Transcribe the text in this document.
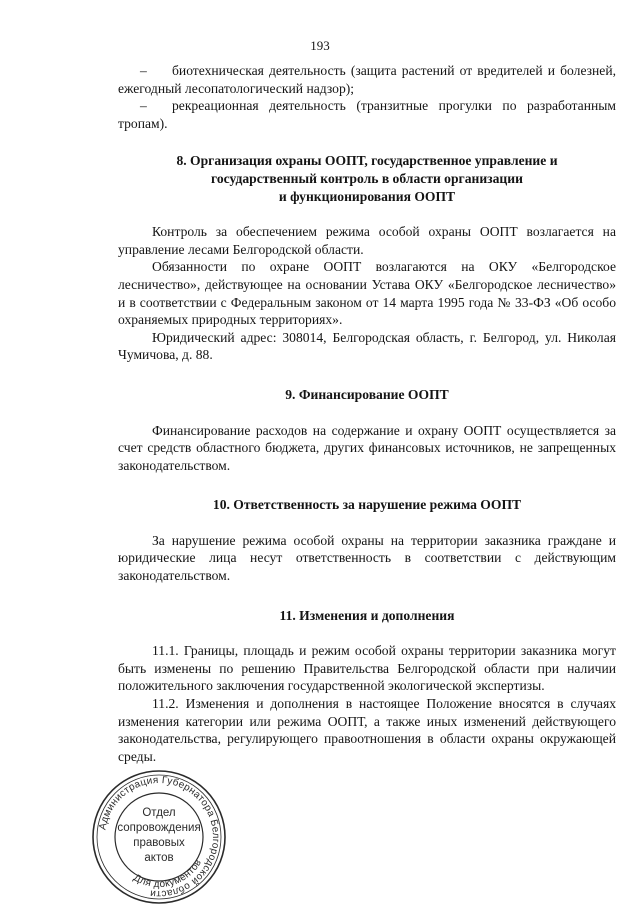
193

– биотехническая деятельность (защита растений от вредителей и болезней, ежегодный лесопатологический надзор);

– рекреационная деятельность (транзитные прогулки по разработанным тропам).

8. Организация охраны ООПТ, государственное управление и

государственный контроль в области организации

и функционирования ООПТ

Контроль за обеспечением режима особой охраны ООПТ возлагается на управление лесами Белгородской области.

Обязанности по охране ООПТ возлагаются на ОКУ «Белгородское лесничество», действующее на основании Устава ОКУ «Белгородское лесничество» и в соответствии с Федеральным законом от 14 марта 1995 года № 33-ФЗ «Об особо охраняемых природных территориях».

Юридический адрес: 308014, Белгородская область, г. Белгород, ул. Николая Чумичова, д. 88.

9. Финансирование ООПТ

Финансирование расходов на содержание и охрану ООПТ осуществляется за счет средств областного бюджета, других финансовых источников, не запрещенных законодательством.

10. Ответственность за нарушение режима ООПТ

За нарушение режима особой охраны на территории заказника граждане и юридические лица несут ответственность в соответствии с действующим законодательством.

11. Изменения и дополнения

11.1. Границы, площадь и режим особой охраны территории заказника могут быть изменены по решению Правительства Белгородской области при наличии положительного заключения государственной экологической экспертизы.

11.2. Изменения и дополнения в настоящее Положение вносятся в случаях изменения категории или режима ООПТ, а также иных изменений действующего законодательства, регулирующего правоотношения в области охраны окружающей среды.

Администрация Губернатора Белгородской области
Для документов
Отдел
сопровождения
правовых
актов
